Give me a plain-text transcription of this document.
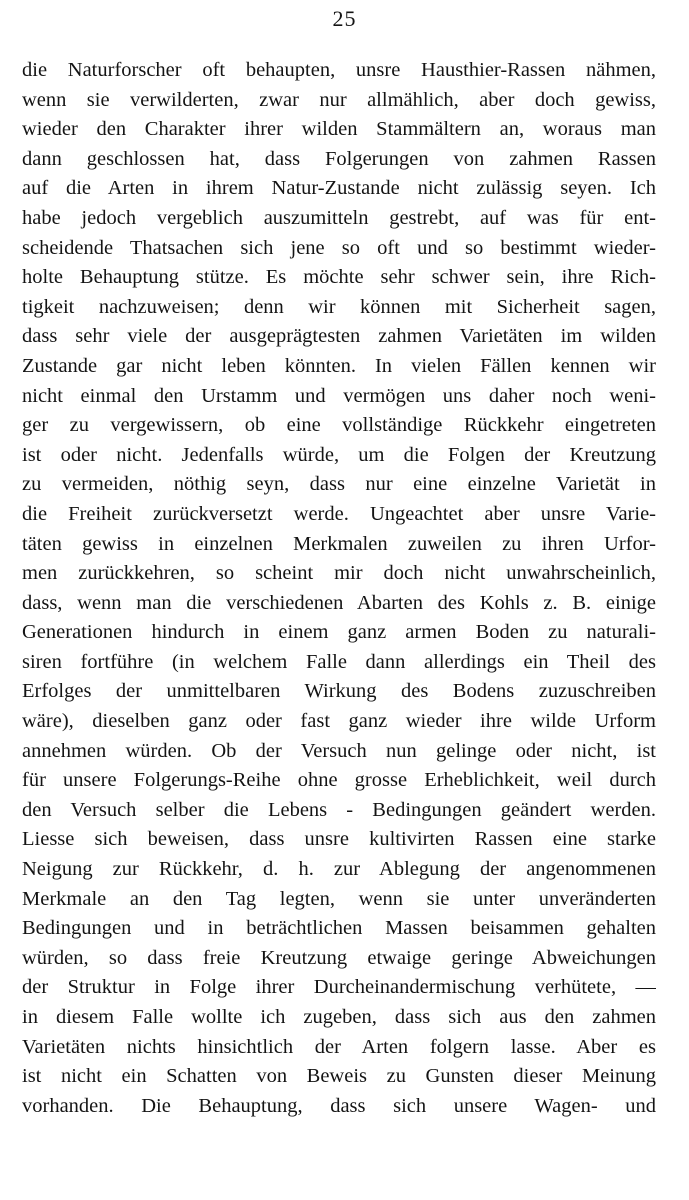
25
die Naturforscher oft behaupten, unsre Hausthier-Rassen nähmen,
wenn sie verwilderten, zwar nur allmählich, aber doch gewiss,
wieder den Charakter ihrer wilden Stammältern an, woraus man
dann geschlossen hat, dass Folgerungen von zahmen Rassen
auf die Arten in ihrem Natur-Zustande nicht zulässig seyen. Ich
habe jedoch vergeblich auszumitteln gestrebt, auf was für ent-
scheidende Thatsachen sich jene so oft und so bestimmt wieder-
holte Behauptung stütze. Es möchte sehr schwer sein, ihre Rich-
tigkeit nachzuweisen; denn wir können mit Sicherheit sagen,
dass sehr viele der ausgeprägtesten zahmen Varietäten im wilden
Zustande gar nicht leben könnten. In vielen Fällen kennen wir
nicht einmal den Urstamm und vermögen uns daher noch weni-
ger zu vergewissern, ob eine vollständige Rückkehr eingetreten
ist oder nicht. Jedenfalls würde, um die Folgen der Kreutzung
zu vermeiden, nöthig seyn, dass nur eine einzelne Varietät in
die Freiheit zurückversetzt werde. Ungeachtet aber unsre Varie-
täten gewiss in einzelnen Merkmalen zuweilen zu ihren Urfor-
men zurückkehren, so scheint mir doch nicht unwahrscheinlich,
dass, wenn man die verschiedenen Abarten des Kohls z. B. einige
Generationen hindurch in einem ganz armen Boden zu naturali-
siren fortführe (in welchem Falle dann allerdings ein Theil des
Erfolges der unmittelbaren Wirkung des Bodens zuzuschreiben
wäre), dieselben ganz oder fast ganz wieder ihre wilde Urform
annehmen würden. Ob der Versuch nun gelinge oder nicht, ist
für unsere Folgerungs-Reihe ohne grosse Erheblichkeit, weil durch
den Versuch selber die Lebens - Bedingungen geändert werden.
Liesse sich beweisen, dass unsre kultivirten Rassen eine starke
Neigung zur Rückkehr, d. h. zur Ablegung der angenommenen
Merkmale an den Tag legten, wenn sie unter unveränderten
Bedingungen und in beträchtlichen Massen beisammen gehalten
würden, so dass freie Kreutzung etwaige geringe Abweichungen
der Struktur in Folge ihrer Durcheinandermischung verhütete, —
in diesem Falle wollte ich zugeben, dass sich aus den zahmen
Varietäten nichts hinsichtlich der Arten folgern lasse. Aber es
ist nicht ein Schatten von Beweis zu Gunsten dieser Meinung
vorhanden. Die Behauptung, dass sich unsere Wagen- und
